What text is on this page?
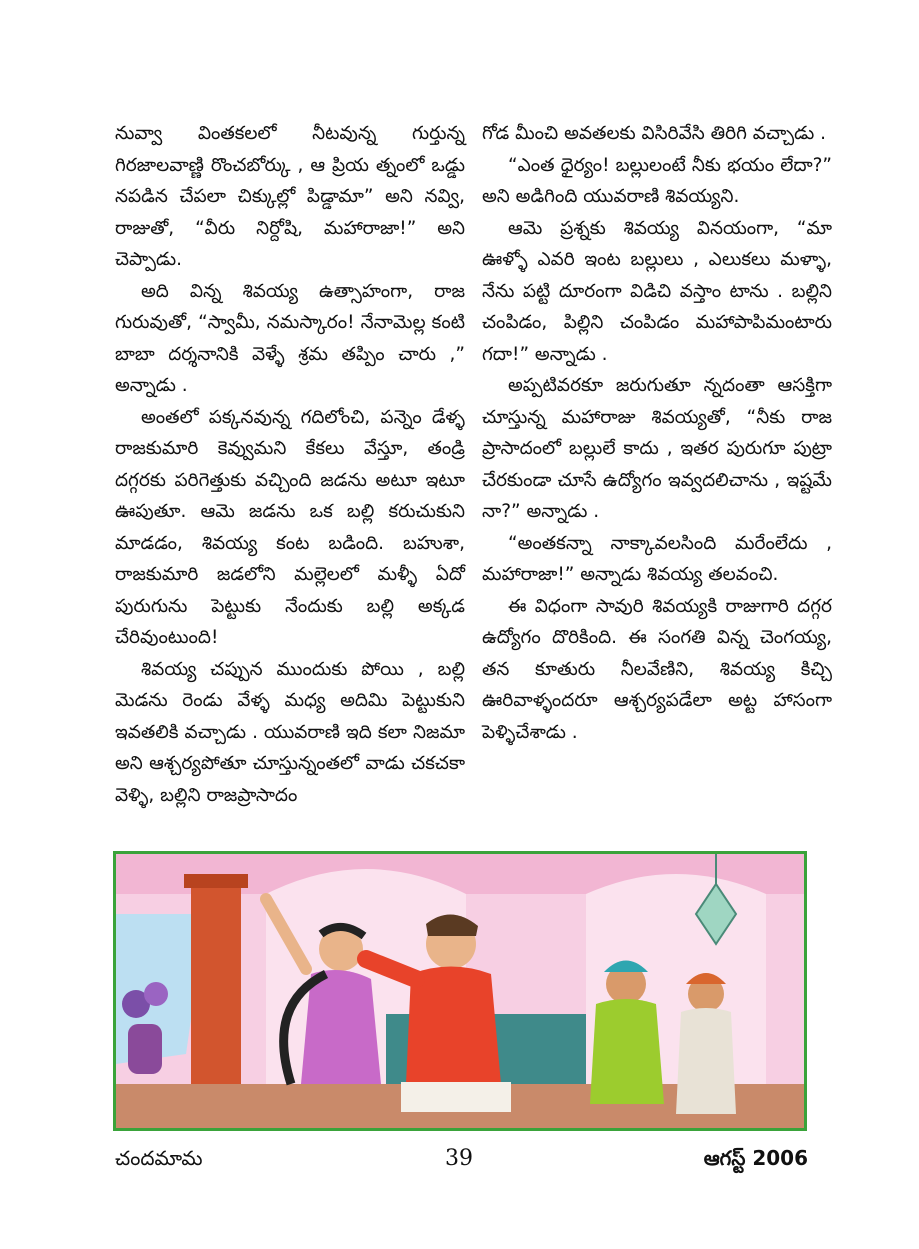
నువ్వా వింతకలలో నీటవున్న గుర్తున్న గిరజాలవాణ్ణి రొంచబోర్కు , ఆ ప్రియ త్నంలో ఒడ్డు నపడిన చేపలా చిక్కుల్లో పిడ్డామా” అని నవ్వి, రాజుతో, “వీరు నిర్దోషి, మహారాజా!” అని చెప్పాడు.

అది విన్న శివయ్య ఉత్సాహంగా, రాజ గురువుతో, “స్వామీ, నమస్కారం! నేనామెల్ల కంటి బాబా దర్శనానికి వెళ్ళే శ్రమ తప్పిం చారు ,” అన్నాడు .

అంతలో పక్కనవున్న గదిలోంచి, పన్నెం డేళ్ళ రాజకుమారి కెవ్వుమని కేకలు వేస్తూ, తండ్రి దగ్గరకు పరిగెత్తుకు వచ్చింది జడను అటూ ఇటూ ఊపుతూ. ఆమె జడను ఒక బల్లి కరుచుకుని మాడడం, శివయ్య కంట బడింది. బహుశా, రాజకుమారి జడలోని మల్లెలలో మళ్ళీ ఏదో పురుగును పెట్టుకు నేందుకు బల్లి అక్కడ చేరివుంటుంది!

శివయ్య చప్పున ముందుకు పోయి , బల్లి మెడను రెండు వేళ్ళ మధ్య అదిమి పెట్టుకుని ఇవతలికి వచ్చాడు . యువరాణి ఇది కలా నిజమా అని ఆశ్చర్యపోతూ చూస్తున్నంతలో వాడు చకచకా వెళ్ళి, బల్లిని రాజప్రాసాదం

గోడ మీంచి అవతలకు విసిరివేసి తిరిగి వచ్చాడు .

“ఎంత ధైర్యం! బల్లులంటే నీకు భయం లేదా?” అని అడిగింది యువరాణి శివయ్యని.

ఆమె ప్రశ్నకు శివయ్య వినయంగా, “మా ఊళ్ళో ఎవరి ఇంట బల్లులు , ఎలుకలు మళ్ళా, నేను పట్టి దూరంగా విడిచి వస్తాం టాను . బల్లిని చంపిడం, పిల్లిని చంపిడం మహాపాపిమంటారు గదా!” అన్నాడు .

అప్పటివరకూ జరుగుతూ న్నదంతా ఆసక్తిగా చూస్తున్న మహారాజు శివయ్యతో, “నీకు రాజ ప్రాసాదంలో బల్లులే కాదు , ఇతర పురుగూ పుట్రా చేరకుండా చూసే ఉద్యోగం ఇవ్వదలిచాను , ఇష్టమే నా?” అన్నాడు .

“అంతకన్నా నాక్కావలసింది మరేంలేదు , మహారాజా!” అన్నాడు శివయ్య తలవంచి.

ఈ విధంగా సావురి శివయ్యకి రాజుగారి దగ్గర ఉద్యోగం దొరికింది. ఈ సంగతి విన్న చెంగయ్య, తన కూతురు నీలవేణిని, శివయ్య కిచ్చి ఊరివాళ్ళందరూ ఆశ్చర్యపడేలా అట్ట హాసంగా పెళ్ళిచేశాడు .

చందమామ	39	ఆగస్ట్ 2006
